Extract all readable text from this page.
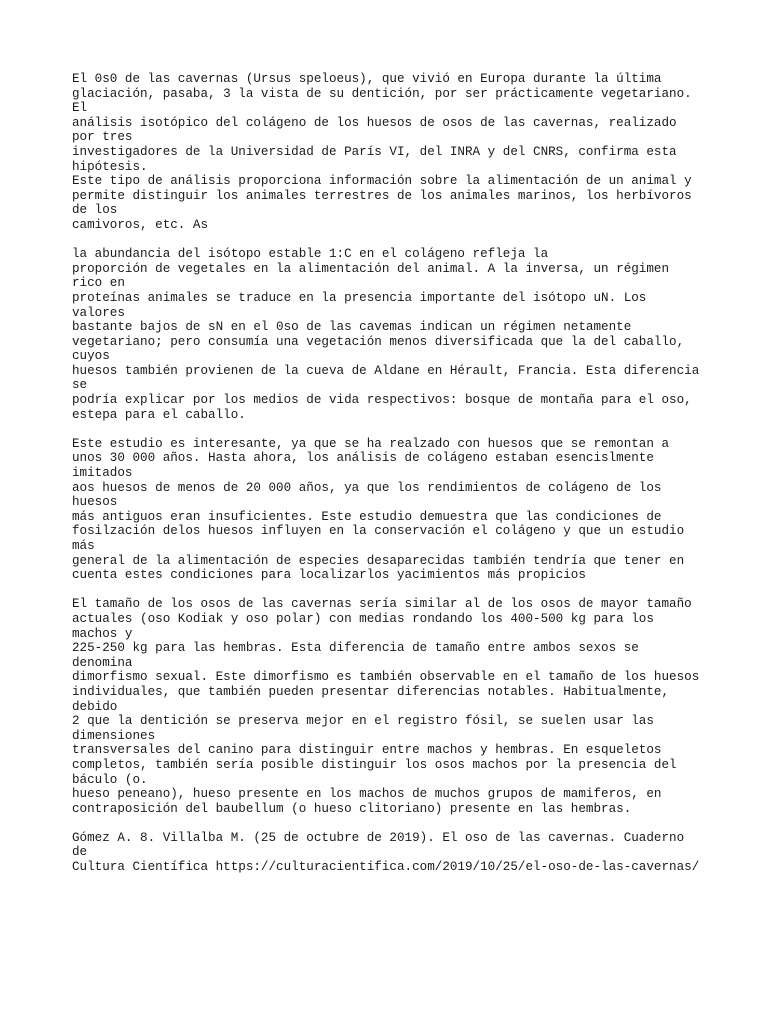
El 0s0 de las cavernas (Ursus speloeus), que vivió en Europa durante la última
glaciación, pasaba, 3 la vista de su dentición, por ser prácticamente vegetariano.
El
análisis isotópico del colágeno de los huesos de osos de las cavernas, realizado
por tres
investigadores de la Universidad de París VI, del INRA y del CNRS, confirma esta
hipótesis.
Este tipo de análisis proporciona información sobre la alimentación de un animal y
permite distinguir los animales terrestres de los animales marinos, los herbívoros
de los
camivoros, etc. As
la abundancia del isótopo estable 1:C en el colágeno refleja la
proporción de vegetales en la alimentación del animal. A la inversa, un régimen
rico en
proteínas animales se traduce en la presencia importante del isótopo uN. Los
valores
bastante bajos de sN en el 0so de las cavemas indican un régimen netamente
vegetariano; pero consumía una vegetación menos diversificada que la del caballo,
cuyos
huesos también provienen de la cueva de Aldane en Hérault, Francia. Esta diferencia
se
podría explicar por los medios de vida respectivos: bosque de montaña para el oso,
estepa para el caballo.
Este estudio es interesante, ya que se ha realzado con huesos que se remontan a
unos 30 000 años. Hasta ahora, los análisis de colágeno estaban esencislmente
imitados
aos huesos de menos de 20 000 años, ya que los rendimientos de colágeno de los
huesos
más antiguos eran insuficientes. Este estudio demuestra que las condiciones de
fosilzación delos huesos influyen en la conservación el colágeno y que un estudio
más
general de la alimentación de especies desaparecidas también tendría que tener en
cuenta estes condiciones para localizarlos yacimientos más propicios
El tamaño de los osos de las cavernas sería similar al de los osos de mayor tamaño
actuales (oso Kodiak y oso polar) con medias rondando los 400-500 kg para los
machos y
225-250 kg para las hembras. Esta diferencia de tamaño entre ambos sexos se
denomina
dimorfismo sexual. Este dimorfismo es también observable en el tamaño de los huesos
individuales, que también pueden presentar diferencias notables. Habitualmente,
debido
2 que la dentición se preserva mejor en el registro fósil, se suelen usar las
dimensiones
transversales del canino para distinguir entre machos y hembras. En esqueletos
completos, también sería posible distinguir los osos machos por la presencia del
báculo (o.
hueso peneano), hueso presente en los machos de muchos grupos de mamiferos, en
contraposición del baubellum (o hueso clitoriano) presente en las hembras.
Gómez A. 8. Villalba M. (25 de octubre de 2019). El oso de las cavernas. Cuaderno
de
Cultura Científica https://culturacientifica.com/2019/10/25/el-oso-de-las-cavernas/
